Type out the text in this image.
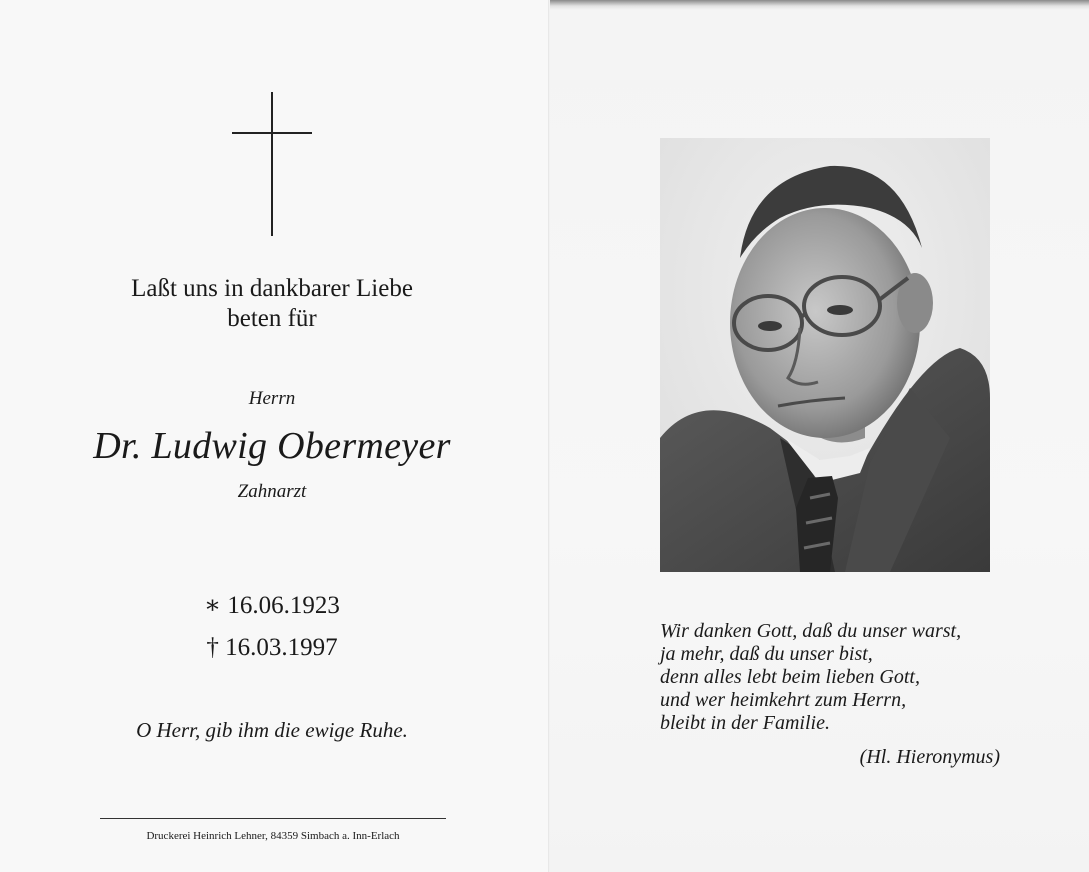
Laßt uns in dankbarer Liebe
beten für
Herrn
Dr. Ludwig Obermeyer
Zahnarzt
∗ 16.06.1923
† 16.03.1997
O Herr, gib ihm die ewige Ruhe.
Druckerei Heinrich Lehner, 84359 Simbach a. Inn-Erlach
Wir danken Gott, daß du unser warst,
ja mehr, daß du unser bist,
denn alles lebt beim lieben Gott,
und wer heimkehrt zum Herrn,
bleibt in der Familie.
(Hl. Hieronymus)
